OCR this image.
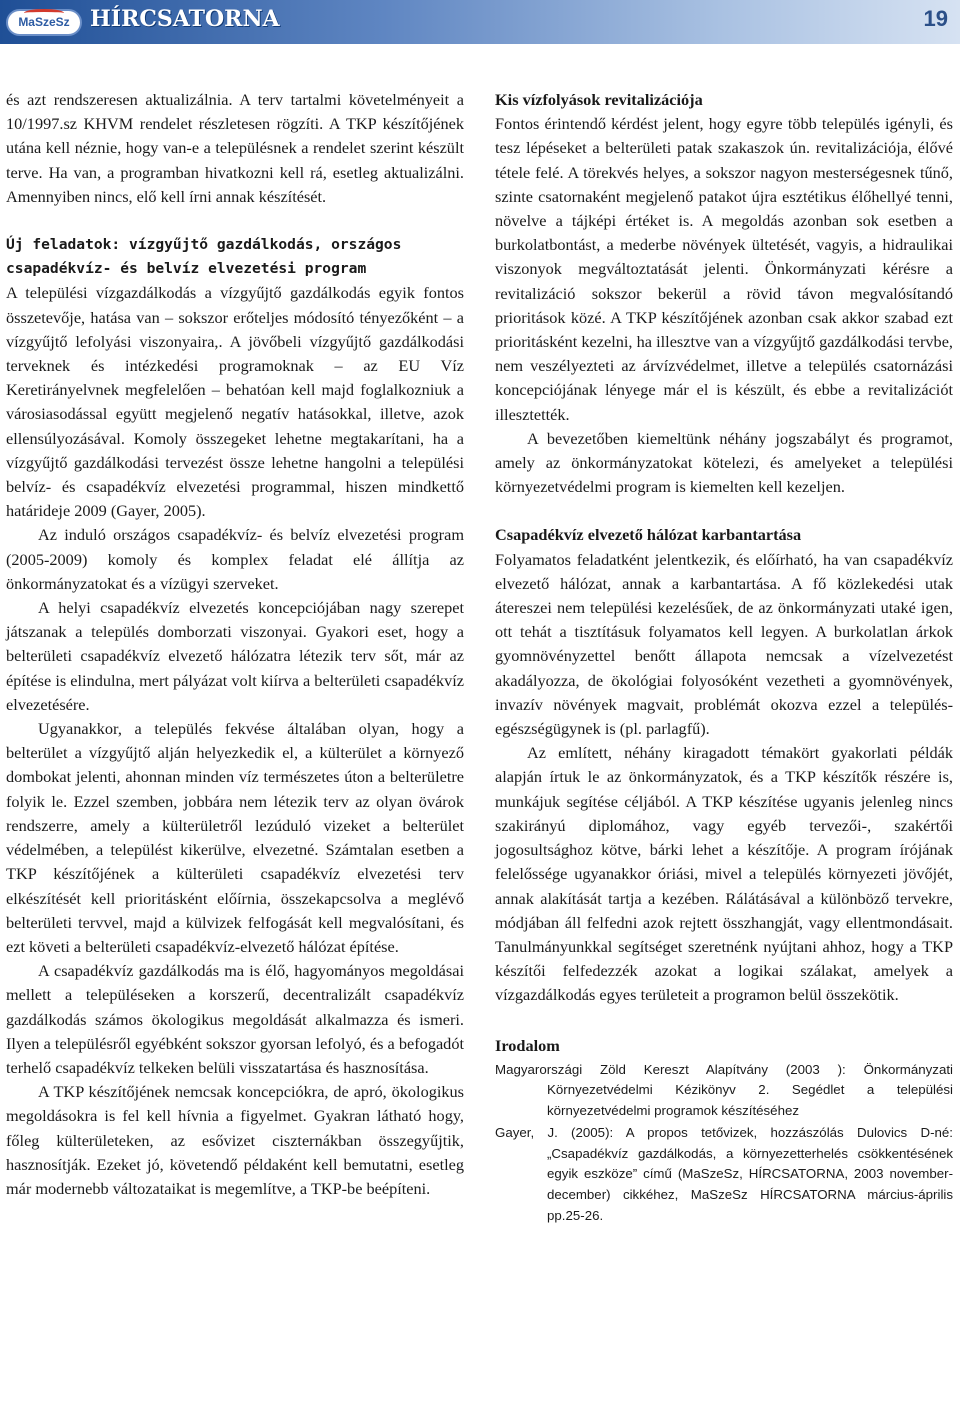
MaSzeSz HÍRCSATORNA	19

és azt rendszeresen aktualizálnia. A terv tartalmi követelményeit a 10/1997.sz KHVM rendelet részletesen rögzíti. A TKP készítőjének utána kell néznie, hogy van-e a településnek a rendelet szerint készült terve. Ha van, a programban hivatkozni kell rá, esetleg aktualizálni. Amennyiben nincs, elő kell írni annak készítését.

Új feladatok: vízgyűjtő gazdálkodás, országos csapadékvíz- és belvíz elvezetési program

A települési vízgazdálkodás a vízgyűjtő gazdálkodás egyik fontos összetevője, hatása van – sokszor erőteljes módosító tényezőként – a vízgyűjtő lefolyási viszonyaira,. A jövőbeli vízgyűjtő gazdálkodási terveknek és intézkedési programoknak – az EU Víz Keretirányelvnek megfelelően – behatóan kell majd foglalkozniuk a városiasodással együtt megjelenő negatív hatásokkal, illetve, azok ellensúlyozásával. Komoly összegeket lehetne megtakarítani, ha a vízgyűjtő gazdálkodási tervezést össze lehetne hangolni a települési belvíz- és csapadékvíz elvezetési programmal, hiszen mindkettő határideje 2009 (Gayer, 2005).

Az induló országos csapadékvíz- és belvíz elvezetési program (2005-2009) komoly és komplex feladat elé állítja az önkormányzatokat és a vízügyi szerveket.

A helyi csapadékvíz elvezetés koncepciójában nagy szerepet játszanak a település domborzati viszonyai. Gyakori eset, hogy a belterületi csapadékvíz elvezető hálózatra létezik terv sőt, már az építése is elindulna, mert pályázat volt kiírva a belterületi csapadékvíz elvezetésére.

Ugyanakkor, a település fekvése általában olyan, hogy a belterület a vízgyűjtő alján helyezkedik el, a külterület a környező dombokat jelenti, ahonnan minden víz természetes úton a belterületre folyik le. Ezzel szemben, jobbára nem létezik terv az olyan övárok rendszerre, amely a külterületről lezúduló vizeket a belterület védelmében, a települést kikerülve, elvezetné. Számtalan esetben a TKP készítőjének a külterületi csapadékvíz elvezetési terv elkészítését kell prioritásként előírnia, összekapcsolva a meglévő belterületi tervvel, majd a külvizek felfogását kell megvalósítani, és ezt követi a belterületi csapadékvíz-elvezető hálózat építése.

A csapadékvíz gazdálkodás ma is élő, hagyományos megoldásai mellett a településeken a korszerű, decentralizált csapadékvíz gazdálkodás számos ökologikus megoldását alkalmazza és ismeri. Ilyen a településről egyébként sokszor gyorsan lefolyó, és a befogadót terhelő csapadékvíz telkeken belüli visszatartása és hasznosítása.

A TKP készítőjének nemcsak koncepciókra, de apró, ökologikus megoldásokra is fel kell hívnia a figyelmet. Gyakran látható hogy, főleg külterületeken, az esővizet ciszternákban összegyűjtik, hasznosítják. Ezeket jó, követendő példaként kell bemutatni, esetleg már modernebb változataikat is megemlítve, a TKP-be beépíteni.

Kis vízfolyások revitalizációja

Fontos érintendő kérdést jelent, hogy egyre több település igényli, és tesz lépéseket a belterületi patak szakaszok ún. revitalizációja, élővé tétele felé. A törekvés helyes, a sokszor nagyon mesterségesnek tűnő, szinte csatornaként megjelenő patakot újra esztétikus élőhellyé tenni, növelve a tájképi értéket is. A megoldás azonban sok esetben a burkolatbontást, a mederbe növények ültetését, vagyis, a hidraulikai viszonyok megváltoztatását jelenti. Önkormányzati kérésre a revitalizáció sokszor bekerül a rövid távon megvalósítandó prioritások közé. A TKP készítőjének azonban csak akkor szabad ezt prioritásként kezelni, ha illesztve van a vízgyűjtő gazdálkodási tervbe, nem veszélyezteti az árvízvédelmet, illetve a település csatornázási koncepciójának lényege már el is készült, és ebbe a revitalizációt illesztették.

A bevezetőben kiemeltünk néhány jogszabályt és programot, amely az önkormányzatokat kötelezi, és amelyeket a települési környezetvédelmi program is kiemelten kell kezeljen.

Csapadékvíz elvezető hálózat karbantartása

Folyamatos feladatként jelentkezik, és előírható, ha van csapadékvíz elvezető hálózat, annak a karbantartása. A fő közlekedési utak átereszei nem települési kezelésűek, de az önkormányzati utaké igen, ott tehát a tisztításuk folyamatos kell legyen. A burkolatlan árkok gyomnövényzettel benőtt állapota nemcsak a vízelvezetést akadályozza, de ökológiai folyosóként vezetheti a gyomnövények, invazív növények magvait, problémát okozva ezzel a település-egészségügynek is (pl. parlagfű).

Az említett, néhány kiragadott témakört gyakorlati példák alapján írtuk le az önkormányzatok, és a TKP készítők részére is, munkájuk segítése céljából. A TKP készítése ugyanis jelenleg nincs szakirányú diplomához, vagy egyéb tervezői-, szakértői jogosultsághoz kötve, bárki lehet a készítője. A program írójának felelőssége ugyanakkor óriási, mivel a település környezeti jövőjét, annak alakítását tartja a kezében. Rálátásával a különböző tervekre, módjában áll felfedni azok rejtett összhangját, vagy ellentmondásait. Tanulmányunkkal segítséget szeretnénk nyújtani ahhoz, hogy a TKP készítői felfedezzék azokat a logikai szálakat, amelyek a vízgazdálkodás egyes területeit a programon belül összekötik.

Irodalom
Magyarországi Zöld Kereszt Alapítvány (2003 ): Önkormányzati Környezetvédelmi Kézikönyv 2. Segédlet a települési környezetvédelmi programok készítéséhez
Gayer, J. (2005): A propos tetővizek, hozzászólás Dulovics D-né: „Csapadékvíz gazdálkodás, a környezetterhelés csökkentésének egyik eszköze” című (MaSzeSz, HÍRCSATORNA, 2003 november-december) cikkéhez, MaSzeSz HÍRCSATORNA március-április pp.25-26.
